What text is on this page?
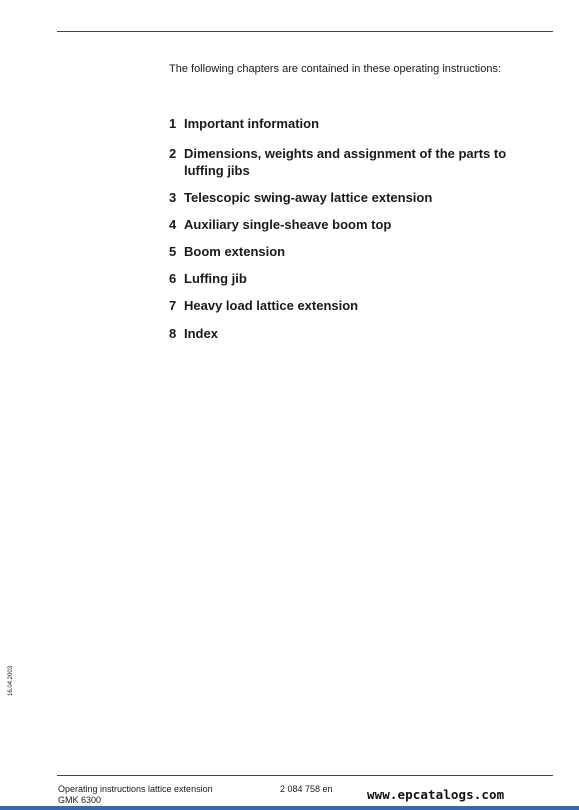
The following chapters are contained in these operating instructions:
1 Important information
2 Dimensions, weights and assignment of the parts to luffing jibs
3 Telescopic swing-away lattice extension
4 Auxiliary single-sheave boom top
5 Boom extension
6 Luffing jib
7 Heavy load lattice extension
8 Index
16.04.2003
Operating instructions lattice extension
GMK 6300
2 084 758 en	www.epcatalogs.com
